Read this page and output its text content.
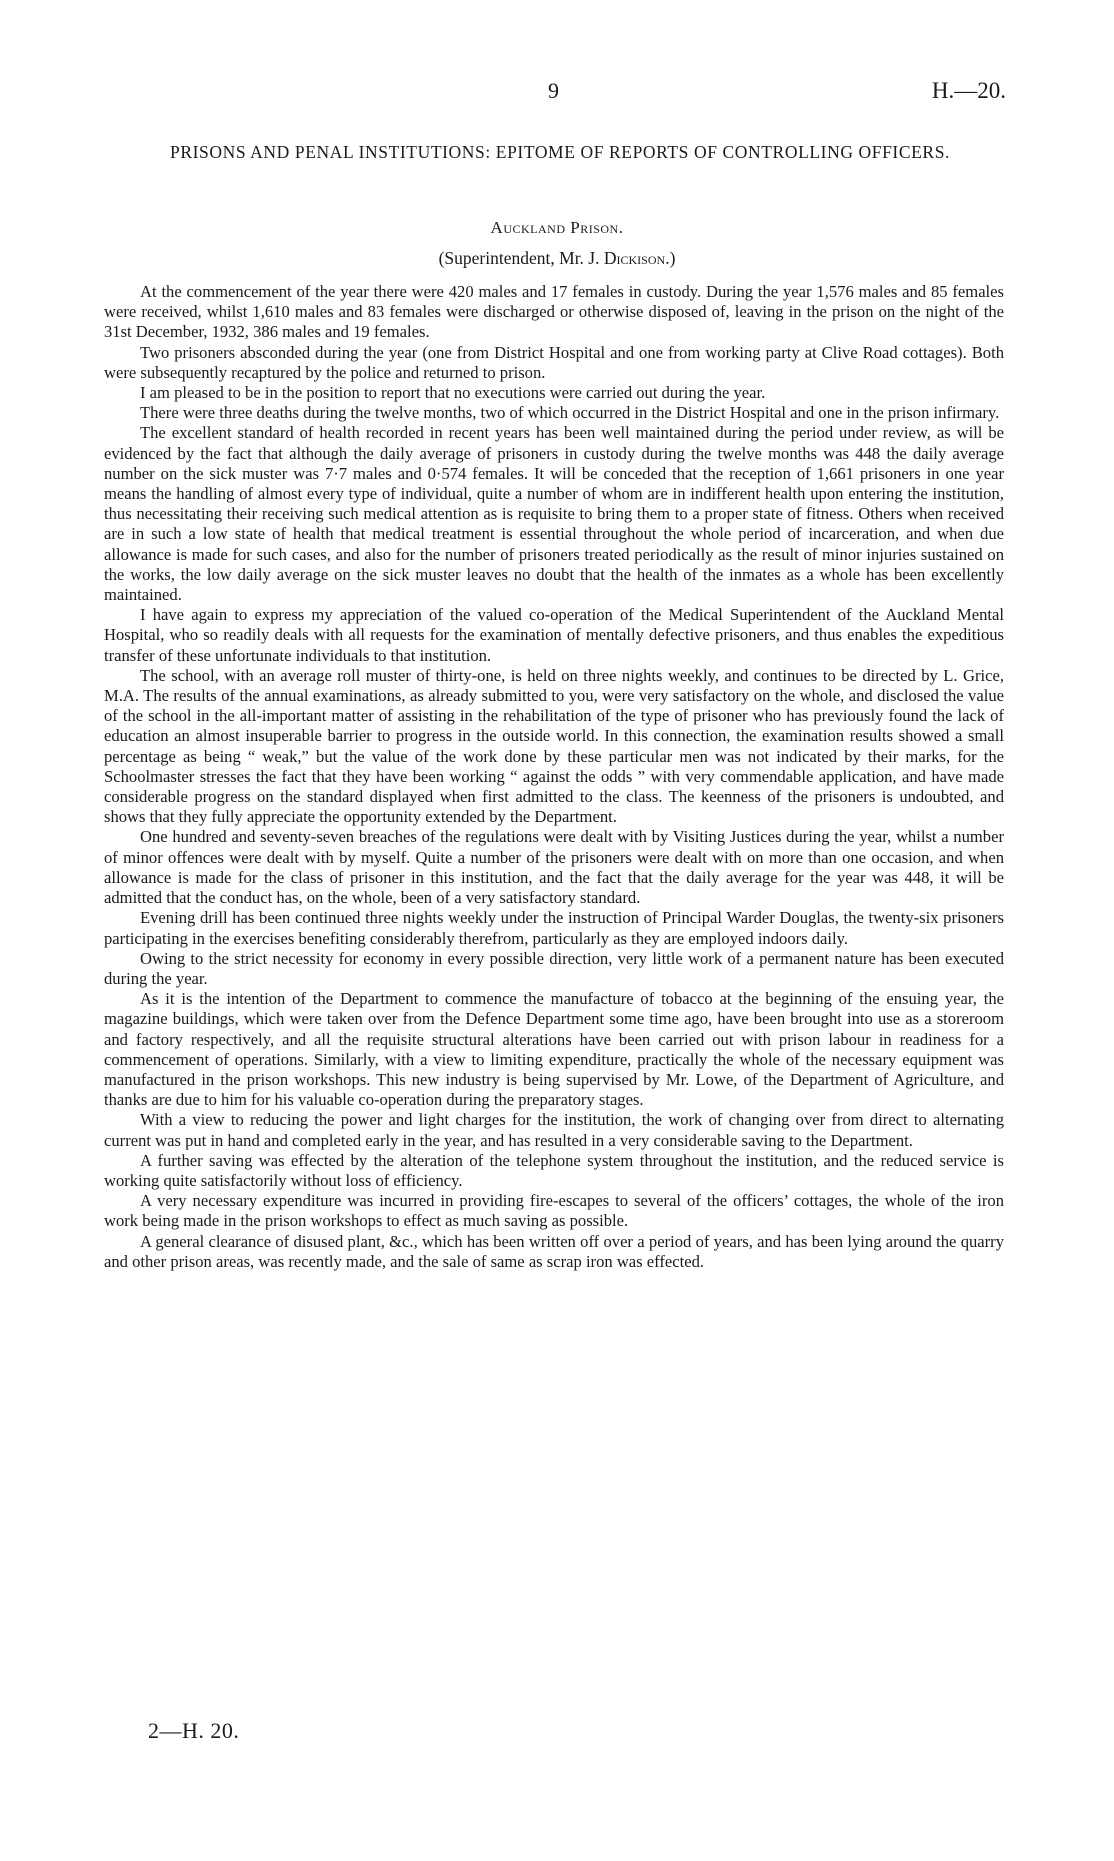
9	H.—20.
PRISONS AND PENAL INSTITUTIONS: EPITOME OF REPORTS OF CONTROLLING OFFICERS.
Auckland Prison.
(Superintendent, Mr. J. Dickison.)

At the commencement of the year there were 420 males and 17 females in custody. During the year 1,576 males and 85 females were received, whilst 1,610 males and 83 females were discharged or otherwise disposed of, leaving in the prison on the night of the 31st December, 1932, 386 males and 19 females.

Two prisoners absconded during the year (one from District Hospital and one from working party at Clive Road cottages). Both were subsequently recaptured by the police and returned to prison.

I am pleased to be in the position to report that no executions were carried out during the year.

There were three deaths during the twelve months, two of which occurred in the District Hospital and one in the prison infirmary.

The excellent standard of health recorded in recent years has been well maintained during the period under review, as will be evidenced by the fact that although the daily average of prisoners in custody during the twelve months was 448 the daily average number on the sick muster was 7·7 males and 0·574 females. It will be conceded that the reception of 1,661 prisoners in one year means the handling of almost every type of individual, quite a number of whom are in indifferent health upon entering the institution, thus necessitating their receiving such medical attention as is requisite to bring them to a proper state of fitness. Others when received are in such a low state of health that medical treatment is essential throughout the whole period of incarceration, and when due allowance is made for such cases, and also for the number of prisoners treated periodically as the result of minor injuries sustained on the works, the low daily average on the sick muster leaves no doubt that the health of the inmates as a whole has been excellently maintained.

I have again to express my appreciation of the valued co-operation of the Medical Superintendent of the Auckland Mental Hospital, who so readily deals with all requests for the examination of mentally defective prisoners, and thus enables the expeditious transfer of these unfortunate individuals to that institution.

The school, with an average roll muster of thirty-one, is held on three nights weekly, and continues to be directed by L. Grice, M.A. The results of the annual examinations, as already submitted to you, were very satisfactory on the whole, and disclosed the value of the school in the all-important matter of assisting in the rehabilitation of the type of prisoner who has previously found the lack of education an almost insuperable barrier to progress in the outside world. In this connection, the examination results showed a small percentage as being “ weak,” but the value of the work done by these particular men was not indicated by their marks, for the Schoolmaster stresses the fact that they have been working “ against the odds ” with very commendable application, and have made considerable progress on the standard displayed when first admitted to the class. The keenness of the prisoners is undoubted, and shows that they fully appreciate the opportunity extended by the Department.

One hundred and seventy-seven breaches of the regulations were dealt with by Visiting Justices during the year, whilst a number of minor offences were dealt with by myself. Quite a number of the prisoners were dealt with on more than one occasion, and when allowance is made for the class of prisoner in this institution, and the fact that the daily average for the year was 448, it will be admitted that the conduct has, on the whole, been of a very satisfactory standard.

Evening drill has been continued three nights weekly under the instruction of Principal Warder Douglas, the twenty-six prisoners participating in the exercises benefiting considerably therefrom, particularly as they are employed indoors daily.

Owing to the strict necessity for economy in every possible direction, very little work of a permanent nature has been executed during the year.

As it is the intention of the Department to commence the manufacture of tobacco at the beginning of the ensuing year, the magazine buildings, which were taken over from the Defence Department some time ago, have been brought into use as a storeroom and factory respectively, and all the requisite structural alterations have been carried out with prison labour in readiness for a commencement of operations. Similarly, with a view to limiting expenditure, practically the whole of the necessary equipment was manufactured in the prison workshops. This new industry is being supervised by Mr. Lowe, of the Department of Agriculture, and thanks are due to him for his valuable co-operation during the preparatory stages.

With a view to reducing the power and light charges for the institution, the work of changing over from direct to alternating current was put in hand and completed early in the year, and has resulted in a very considerable saving to the Department.

A further saving was effected by the alteration of the telephone system throughout the institution, and the reduced service is working quite satisfactorily without loss of efficiency.

A very necessary expenditure was incurred in providing fire-escapes to several of the officers’ cottages, the whole of the iron work being made in the prison workshops to effect as much saving as possible.

A general clearance of disused plant, &c., which has been written off over a period of years, and has been lying around the quarry and other prison areas, was recently made, and the sale of same as scrap iron was effected.

2—H. 20.
